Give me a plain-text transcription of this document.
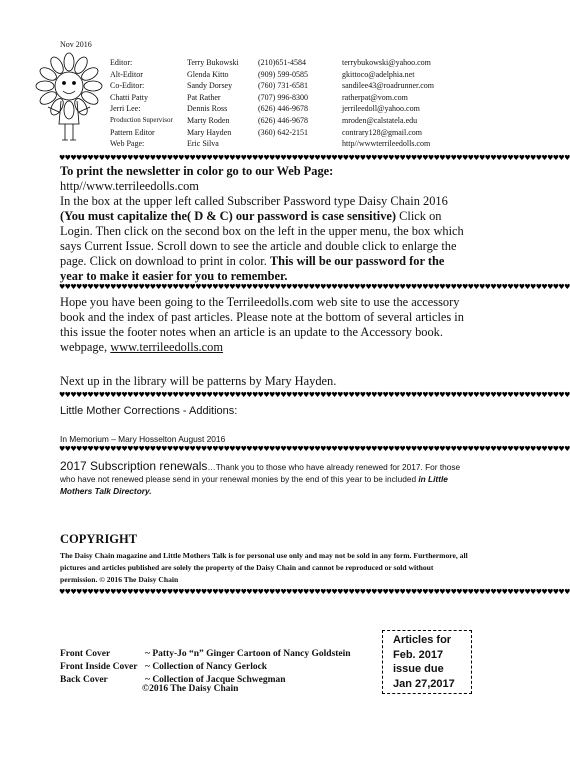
Nov 2016
Editor:	Terry Bukowski (210)651-4584	terrybukowski@yahoo.com
Alt-Editor	Glenda Kitto	(909) 599-0585	gkittoco@adelphia.net
Co-Editor:	Sandy Dorsey	(760) 731-6581	sandilee43@roadrunner.com
Chatti Patty	Pat Rather	(707) 996-8300	ratherpat@vom.com
Jerri Lee:	Dennis Ross	(626) 446-9678	jerrileedoll@yahoo.com
Production Supervisor Marty Roden	(626) 446-9678	mroden@calstatela.edu
Pattern Editor	Mary Hayden	(360) 642-2151	contrary128@gmail.com
Web Page:	Eric Silva	http//wwwterrileedolls.com
♥♥♥♥♥♥♥♥♥♥♥♥♥♥♥♥♥♥♥♥♥♥♥♥♥♥♥♥♥♥♥♥♥♥♥♥♥♥♥♥♥♥♥♥♥♥♥♥♥♥♥♥♥♥♥♥♥♥♥♥♥♥♥♥♥♥♥♥♥♥♥♥♥♥♥♥♥♥♥♥♥♥♥♥♥♥♥♥♥♥
To print the newsletter in color go to our Web Page: http//www.terrileedolls.com
In the box at the upper left called Subscriber Password type Daisy Chain 2016 (You must capitalize the( D & C) our password is case sensitive) Click on Login. Then click on the second box on the left in the upper menu, the box which says Current Issue. Scroll down to see the article and double click to enlarge the page. Click on download to print in color. This will be our password for the year to make it easier for you to remember.
♥♥♥♥♥♥♥♥♥♥♥♥♥♥♥♥♥♥♥♥♥♥♥♥♥♥♥♥♥♥♥♥♥♥♥♥♥♥♥♥♥♥♥♥♥♥♥♥♥♥♥♥♥♥♥♥♥♥♥♥♥♥♥♥♥♥♥♥♥♥♥♥♥♥♥♥♥♥♥♥♥♥♥♥♥♥♥♥♥♥
Hope you have been going to the Terrileedolls.com web site to use the accessory book and the index of past articles. Please note at the bottom of several articles in this issue the footer notes when an article is an update to the Accessory book.
webpage, www.terrileedolls.com
Next up in the library will be patterns by Mary Hayden.
♥♥♥♥♥♥♥♥♥♥♥♥♥♥♥♥♥♥♥♥♥♥♥♥♥♥♥♥♥♥♥♥♥♥♥♥♥♥♥♥♥♥♥♥♥♥♥♥♥♥♥♥♥♥♥♥♥♥♥♥♥♥♥♥♥♥♥♥♥♥♥♥♥♥♥♥♥♥♥♥♥♥♥♥♥♥♥♥♥♥
Little Mother Corrections - Additions:
In Memorium – Mary Hosselton August 2016
♥♥♥♥♥♥♥♥♥♥♥♥♥♥♥♥♥♥♥♥♥♥♥♥♥♥♥♥♥♥♥♥♥♥♥♥♥♥♥♥♥♥♥♥♥♥♥♥♥♥♥♥♥♥♥♥♥♥♥♥♥♥♥♥♥♥♥♥♥♥♥♥♥♥♥♥♥♥♥♥♥♥♥♥♥♥♥♥♥♥
2017 Subscription renewals…Thank you to those who have already renewed for 2017. For those who have not renewed please send in your renewal monies by the end of this year to be included in Little Mothers Talk Directory.
COPYRIGHT
The Daisy Chain magazine and Little Mothers Talk is for personal use only and may not be sold in any form. Furthermore, all pictures and articles published are solely the property of the Daisy Chain and cannot be reproduced or sold without permission. © 2016 The Daisy Chain
♥♥♥♥♥♥♥♥♥♥♥♥♥♥♥♥♥♥♥♥♥♥♥♥♥♥♥♥♥♥♥♥♥♥♥♥♥♥♥♥♥♥♥♥♥♥♥♥♥♥♥♥♥♥♥♥♥♥♥♥♥♥♥♥♥♥♥♥♥♥♥♥♥♥♥♥♥♥♥♥♥♥♥♥♥♥♥♥♥♥
Front Cover	~ Patty-Jo “n” Ginger Cartoon of Nancy Goldstein
Front Inside Cover ~ Collection of Nancy Gerlock
Back Cover	~ Collection of Jacque Schwegman
Articles for
Feb. 2017
issue due
Jan 27,2017
©2016 The Daisy Chain
